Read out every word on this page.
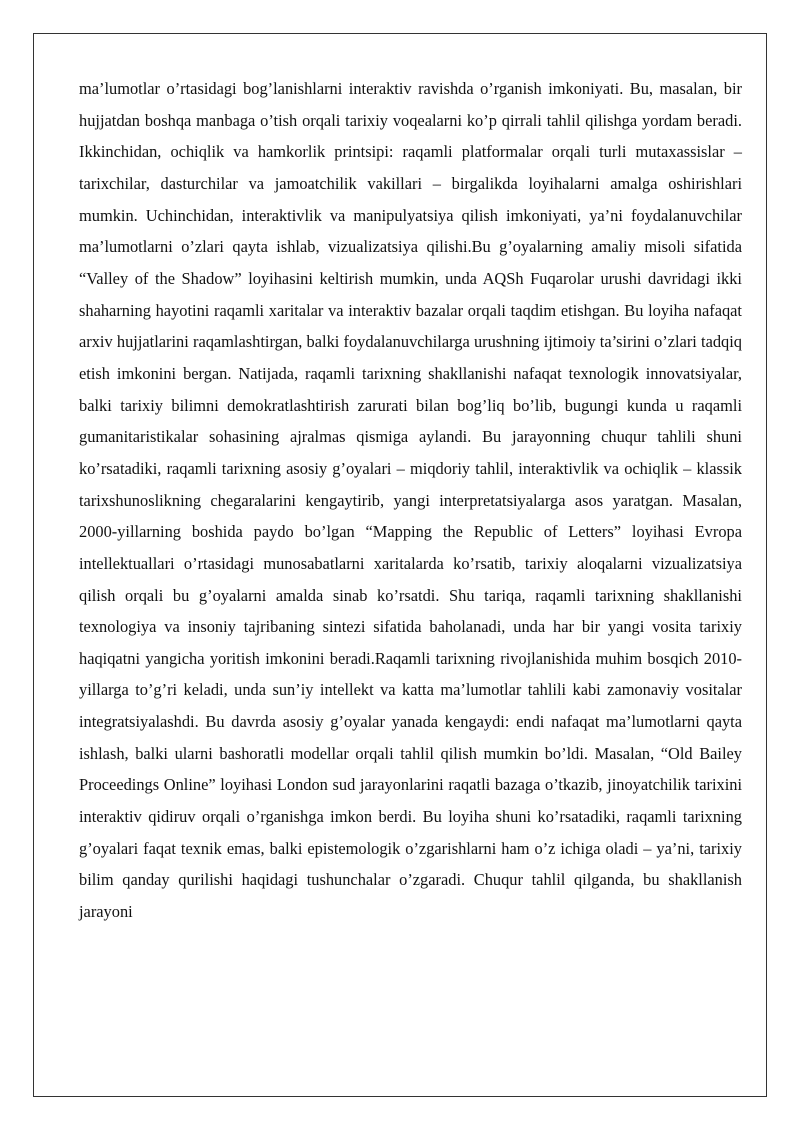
ma’lumotlar o’rtasidagi bog’lanishlarni interaktiv ravishda o’rganish imkoniyati. Bu, masalan, bir hujjatdan boshqa manbaga o’tish orqali tarixiy voqealarni ko’p qirrali tahlil qilishga yordam beradi. Ikkinchidan, ochiqlik va hamkorlik printsipi: raqamli platformalar orqali turli mutaxassislar – tarixchilar, dasturchilar va jamoatchilik vakillari – birgalikda loyihalarni amalga oshirishlari mumkin. Uchinchidan, interaktivlik va manipulyatsiya qilish imkoniyati, ya’ni foydalanuvchilar ma’lumotlarni o’zlari qayta ishlab, vizualizatsiya qilishi.Bu g’oyalarning amaliy misoli sifatida “Valley of the Shadow” loyihasini keltirish mumkin, unda AQSh Fuqarolar urushi davridagi ikki shaharning hayotini raqamli xaritalar va interaktiv bazalar orqali taqdim etishgan. Bu loyiha nafaqat arxiv hujjatlarini raqamlashtirgan, balki foydalanuvchilarga urushning ijtimoiy ta’sirini o’zlari tadqiq etish imkonini bergan. Natijada, raqamli tarixning shakllanishi nafaqat texnologik innovatsiyalar, balki tarixiy bilimni demokratlashtirish zarurati bilan bog’liq bo’lib, bugungi kunda u raqamli gumanitaristikalar sohasining ajralmas qismiga aylandi. Bu jarayonning chuqur tahlili shuni ko’rsatadiki, raqamli tarixning asosiy g’oyalari – miqdoriy tahlil, interaktivlik va ochiqlik – klassik tarixshunoslikning chegaralarini kengaytirib, yangi interpretatsiyalarga asos yaratgan. Masalan, 2000-yillarning boshida paydo bo’lgan “Mapping the Republic of Letters” loyihasi Evropa intellektuallari o’rtasidagi munosabatlarni xaritalarda ko’rsatib, tarixiy aloqalarni vizualizatsiya qilish orqali bu g’oyalarni amalda sinab ko’rsatdi. Shu tariqa, raqamli tarixning shakllanishi texnologiya va insoniy tajribaning sintezi sifatida baholanadi, unda har bir yangi vosita tarixiy haqiqatni yangicha yoritish imkonini beradi.Raqamli tarixning rivojlanishida muhim bosqich 2010-yillarga to’g’ri keladi, unda sun’iy intellekt va katta ma’lumotlar tahlili kabi zamonaviy vositalar integratsiyalashdi. Bu davrda asosiy g’oyalar yanada kengaydi: endi nafaqat ma’lumotlarni qayta ishlash, balki ularni bashoratli modellar orqali tahlil qilish mumkin bo’ldi. Masalan, “Old Bailey Proceedings Online” loyihasi London sud jarayonlarini raqatli bazaga o’tkazib, jinoyatchilik tarixini interaktiv qidiruv orqali o’rganishga imkon berdi. Bu loyiha shuni ko’rsatadiki, raqamli tarixning g’oyalari faqat texnik emas, balki epistemologik o’zgarishlarni ham o’z ichiga oladi – ya’ni, tarixiy bilim qanday qurilishi haqidagi tushunchalar o’zgaradi. Chuqur tahlil qilganda, bu shakllanish jarayoni
